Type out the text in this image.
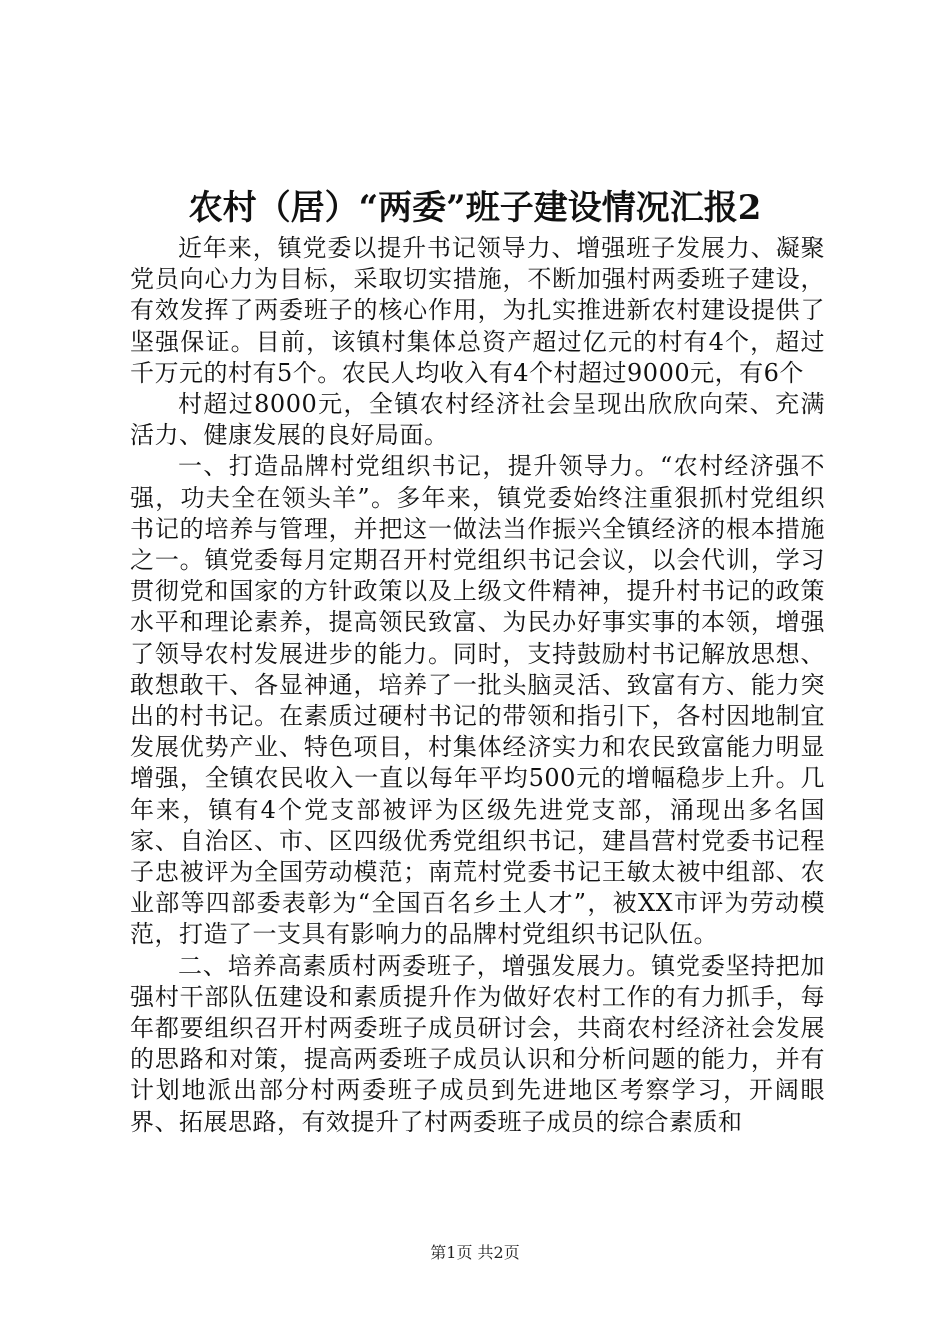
农村（居）“两委”班子建设情况汇报2

近年来，镇党委以提升书记领导力、增强班子发展力、凝聚党员向心力为目标，采取切实措施，不断加强村两委班子建设，有效发挥了两委班子的核心作用，为扎实推进新农村建设提供了坚强保证。目前，该镇村集体总资产超过亿元的村有4个，超过千万元的村有5个。农民人均收入有4个村超过9000元，有6个

村超过8000元，全镇农村经济社会呈现出欣欣向荣、充满活力、健康发展的良好局面。

一、打造品牌村党组织书记，提升领导力。“农村经济强不强，功夫全在领头羊”。多年来，镇党委始终注重狠抓村党组织书记的培养与管理，并把这一做法当作振兴全镇经济的根本措施之一。镇党委每月定期召开村党组织书记会议，以会代训，学习贯彻党和国家的方针政策以及上级文件精神，提升村书记的政策水平和理论素养，提高领民致富、为民办好事实事的本领，增强了领导农村发展进步的能力。同时，支持鼓励村书记解放思想、敢想敢干、各显神通，培养了一批头脑灵活、致富有方、能力突出的村书记。在素质过硬村书记的带领和指引下，各村因地制宜发展优势产业、特色项目，村集体经济实力和农民致富能力明显增强，全镇农民收入一直以每年平均500元的增幅稳步上升。几年来，镇有4个党支部被评为区级先进党支部，涌现出多名国家、自治区、市、区四级优秀党组织书记，建昌营村党委书记程子忠被评为全国劳动模范；南荒村党委书记王敏太被中组部、农业部等四部委表彰为“全国百名乡土人才”，被XX市评为劳动模范，打造了一支具有影响力的品牌村党组织书记队伍。

二、培养高素质村两委班子，增强发展力。镇党委坚持把加强村干部队伍建设和素质提升作为做好农村工作的有力抓手，每年都要组织召开村两委班子成员研讨会，共商农村经济社会发展的思路和对策，提高两委班子成员认识和分析问题的能力，并有计划地派出部分村两委班子成员到先进地区考察学习，开阔眼界、拓展思路，有效提升了村两委班子成员的综合素质和

第1页 共2页
